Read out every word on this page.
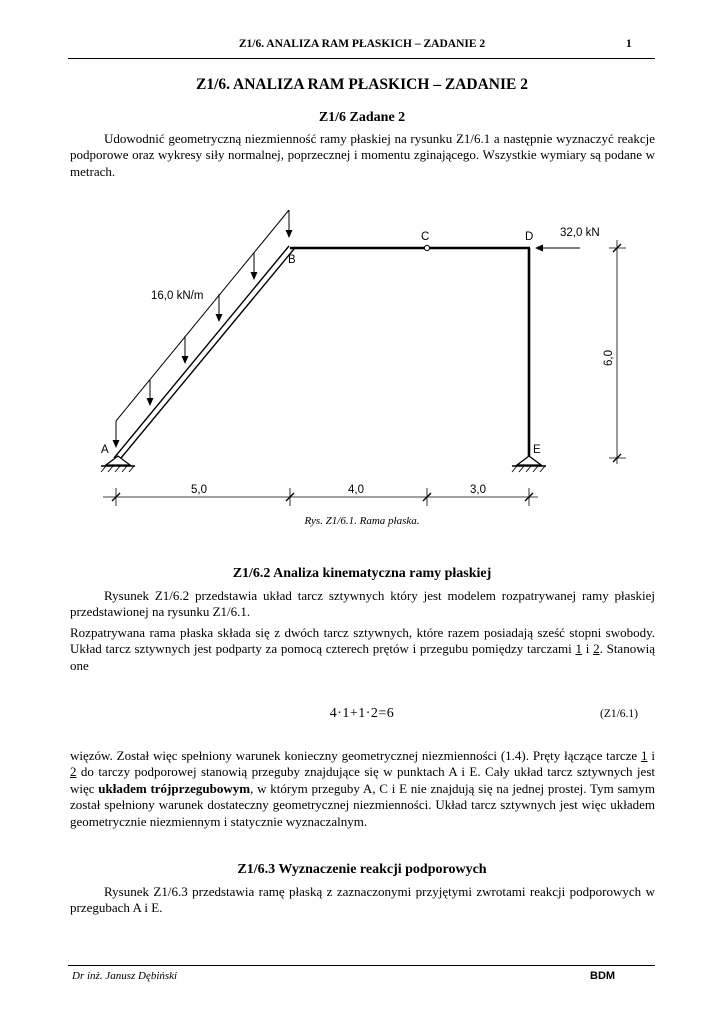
Z1/6. ANALIZA RAM PŁASKICH – ZADANIE 2	1
Z1/6. ANALIZA RAM PŁASKICH – ZADANIE 2
Z1/6 Zadane 2
Udowodnić geometryczną niezmienność ramy płaskiej na rysunku Z1/6.1 a następnie wyznaczyć reakcje podporowe oraz wykresy siły normalnej, poprzecznej i momentu zginającego. Wszystkie wymiary są podane w metrach.
16,0 kN/m
32,0 kN
A
B
C	D
E
5,0	4,0	3,0
6,0
Rys. Z1/6.1. Rama płaska.
Z1/6.2 Analiza kinematyczna ramy płaskiej
Rysunek Z1/6.2 przedstawia układ tarcz sztywnych który jest modelem rozpatrywanej ramy płaskiej przedstawionej na rysunku Z1/6.1.
Rozpatrywana rama płaska składa się z dwóch tarcz sztywnych, które razem posiadają sześć stopni swobody. Układ tarcz sztywnych jest podparty za pomocą czterech prętów i przegubu pomiędzy tarczami 1 i 2. Stanowią one
4·1+1·2=6	(Z1/6.1)
więzów. Został więc spełniony warunek konieczny geometrycznej niezmienności (1.4). Pręty łączące tarcze 1 i 2 do tarczy podporowej stanowią przeguby znajdujące się w punktach A i E. Cały układ tarcz sztywnych jest więc układem trójprzegubowym, w którym przeguby A, C i E nie znajdują się na jednej prostej. Tym samym został spełniony warunek dostateczny geometrycznej niezmienności. Układ tarcz sztywnych jest więc układem geometrycznie niezmiennym i statycznie wyznaczalnym.
Z1/6.3 Wyznaczenie reakcji podporowych
Rysunek Z1/6.3 przedstawia ramę płaską z zaznaczonymi przyjętymi zwrotami reakcji podporowych w przegubach A i E.
Dr inż. Janusz Dębiński	BDM
